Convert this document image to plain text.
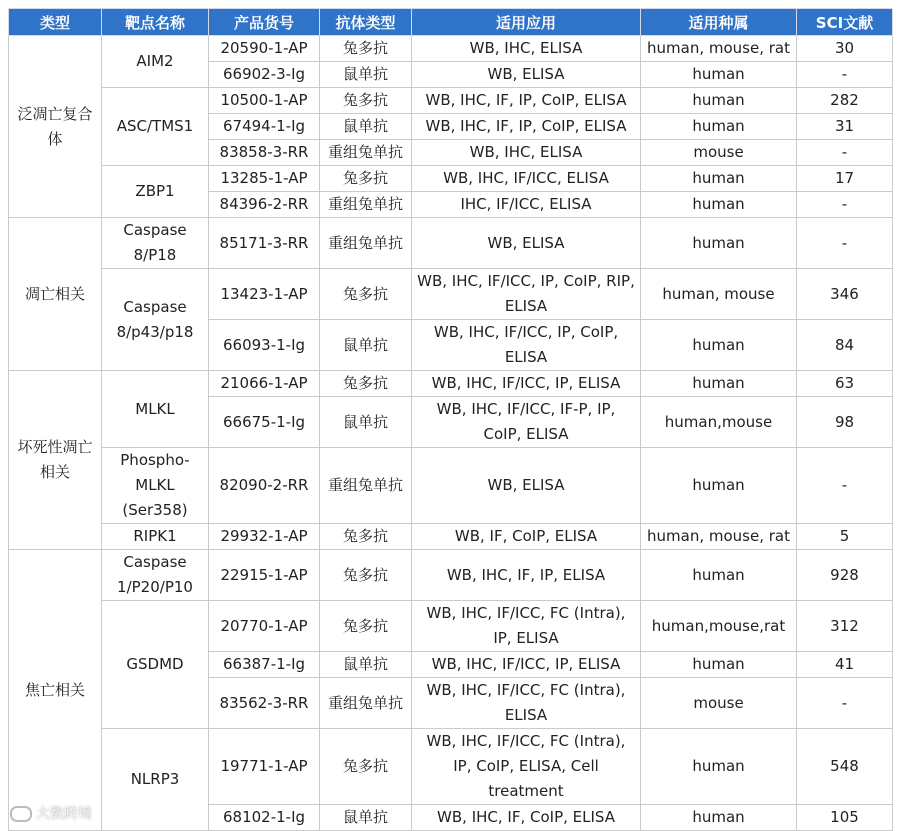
类型	靶点名称	产品货号	抗体类型	适用应用	适用种属	SCI文献
泛凋亡复合体	AIM2	20590-1-AP	兔多抗	WB, IHC, ELISA	human, mouse, rat	30
		66902-3-Ig	鼠单抗	WB, ELISA	human	-
	ASC/TMS1	10500-1-AP	兔多抗	WB, IHC, IF, IP, CoIP, ELISA	human	282
		67494-1-Ig	鼠单抗	WB, IHC, IF, IP, CoIP, ELISA	human	31
		83858-3-RR	重组兔单抗	WB, IHC, ELISA	mouse	-
	ZBP1	13285-1-AP	兔多抗	WB, IHC, IF/ICC, ELISA	human	17
		84396-2-RR	重组兔单抗	IHC, IF/ICC, ELISA	human	-
凋亡相关	Caspase 8/P18	85171-3-RR	重组兔单抗	WB, ELISA	human	-
	Caspase 8/p43/p18	13423-1-AP	兔多抗	WB, IHC, IF/ICC, IP, CoIP, RIP, ELISA	human, mouse	346
		66093-1-Ig	鼠单抗	WB, IHC, IF/ICC, IP, CoIP, ELISA	human	84
坏死性凋亡相关	MLKL	21066-1-AP	兔多抗	WB, IHC, IF/ICC, IP, ELISA	human	63
		66675-1-Ig	鼠单抗	WB, IHC, IF/ICC, IF-P, IP, CoIP, ELISA	human,mouse	98
	Phospho-MLKL (Ser358)	82090-2-RR	重组兔单抗	WB, ELISA	human	-
	RIPK1	29932-1-AP	兔多抗	WB, IF, CoIP, ELISA	human, mouse, rat	5
焦亡相关	Caspase 1/P20/P10	22915-1-AP	兔多抗	WB, IHC, IF, IP, ELISA	human	928
	GSDMD	20770-1-AP	兔多抗	WB, IHC, IF/ICC, FC (Intra), IP, ELISA	human,mouse,rat	312
		66387-1-Ig	鼠单抗	WB, IHC, IF/ICC, IP, ELISA	human	41
		83562-3-RR	重组兔单抗	WB, IHC, IF/ICC, FC (Intra), ELISA	mouse	-
	NLRP3	19771-1-AP	兔多抗	WB, IHC, IF/ICC, FC (Intra), IP, CoIP, ELISA, Cell treatment	human	548
		68102-1-Ig	鼠单抗	WB, IHC, IF, CoIP, ELISA	human	105
大数跨境
